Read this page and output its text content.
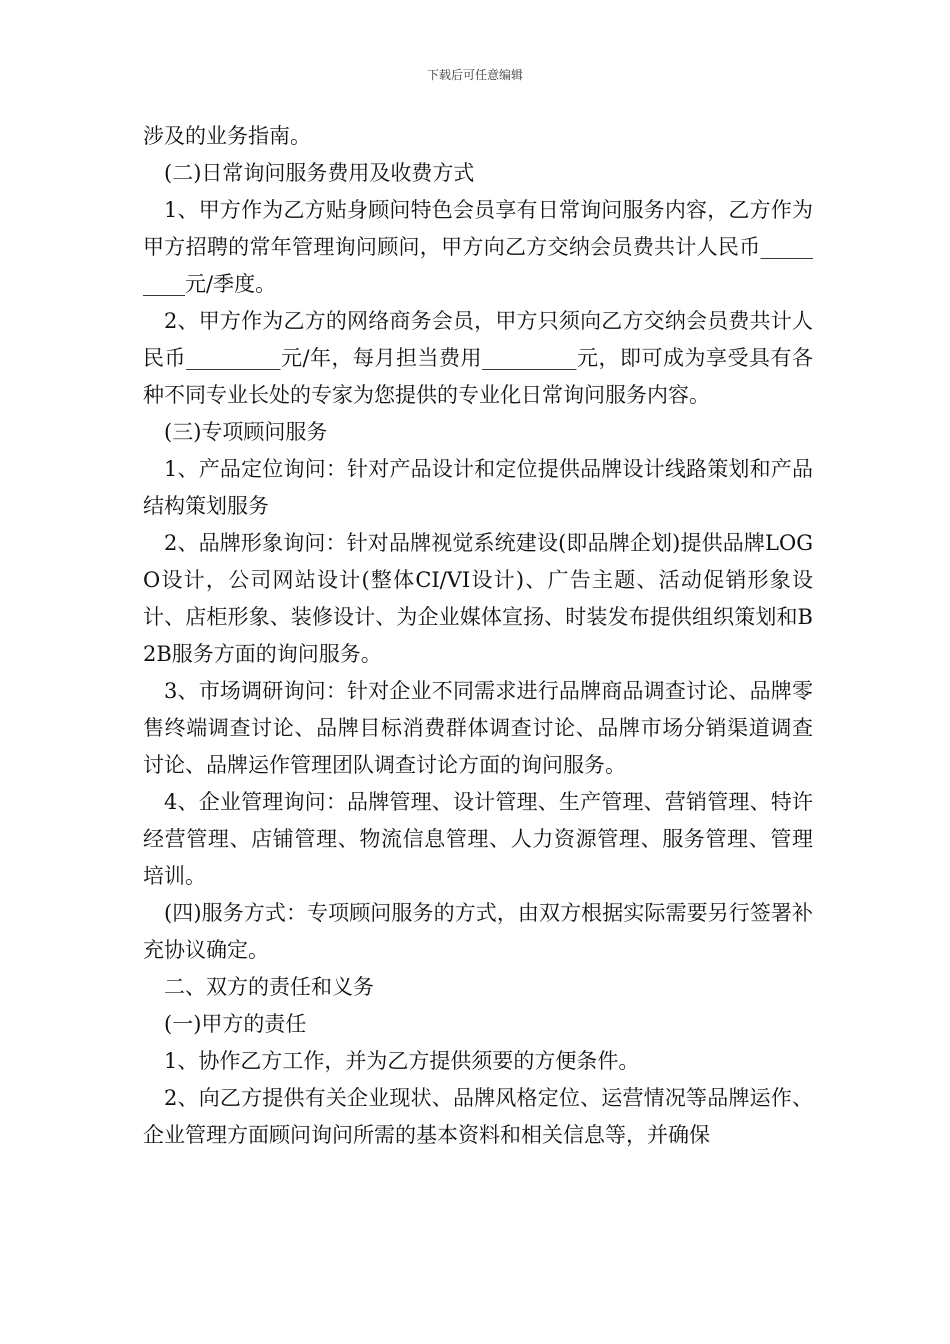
下载后可任意编辑

涉及的业务指南。

(二)日常询问服务费用及收费方式

1、甲方作为乙方贴身顾问特色会员享有日常询问服务内容，乙方作为甲方招聘的常年管理询问顾问，甲方向乙方交纳会员费共计人民币_________元/季度。

2、甲方作为乙方的网络商务会员，甲方只须向乙方交纳会员费共计人民币_________元/年，每月担当费用_________元，即可成为享受具有各种不同专业长处的专家为您提供的专业化日常询问服务内容。

(三)专项顾问服务

1、产品定位询问：针对产品设计和定位提供品牌设计线路策划和产品结构策划服务

2、品牌形象询问：针对品牌视觉系统建设(即品牌企划)提供品牌LOGO设计，公司网站设计(整体CI/VI设计)、广告主题、活动促销形象设计、店柜形象、装修设计、为企业媒体宣扬、时装发布提供组织策划和B2B服务方面的询问服务。

3、市场调研询问：针对企业不同需求进行品牌商品调查讨论、品牌零售终端调查讨论、品牌目标消费群体调查讨论、品牌市场分销渠道调查讨论、品牌运作管理团队调查讨论方面的询问服务。

4、企业管理询问：品牌管理、设计管理、生产管理、营销管理、特许经营管理、店铺管理、物流信息管理、人力资源管理、服务管理、管理培训。

(四)服务方式：专项顾问服务的方式，由双方根据实际需要另行签署补充协议确定。

二、双方的责任和义务

(一)甲方的责任

1、协作乙方工作，并为乙方提供须要的方便条件。

2、向乙方提供有关企业现状、品牌风格定位、运营情况等品牌运作、企业管理方面顾问询问所需的基本资料和相关信息等，并确保
